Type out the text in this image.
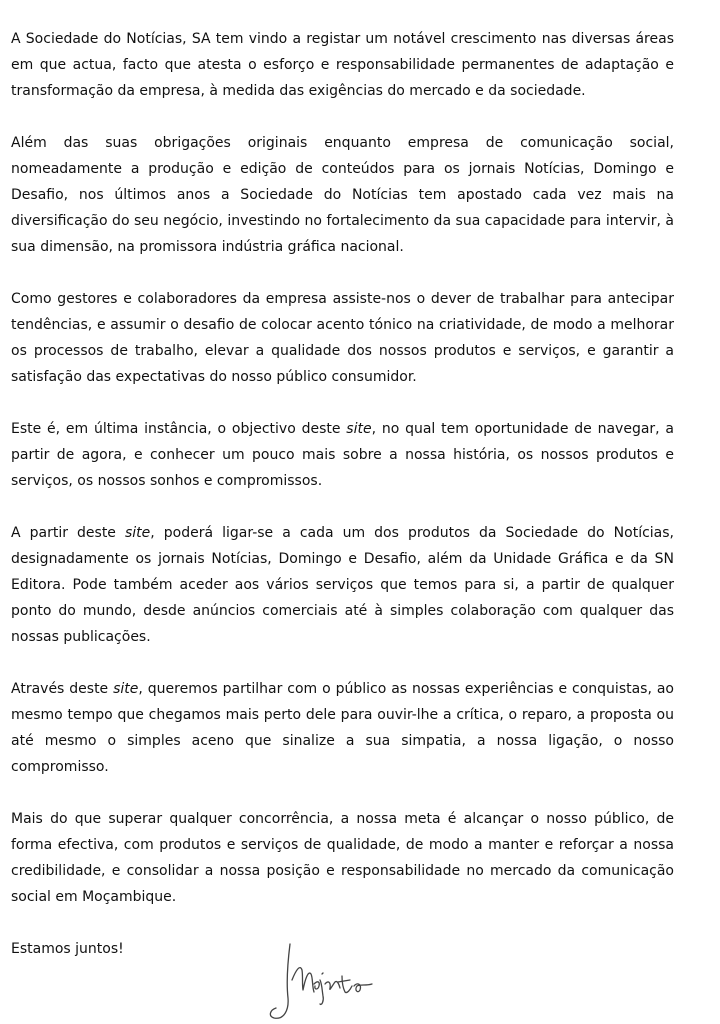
A Sociedade do Notícias, SA tem vindo a registar um notável crescimento nas diversas áreas em que actua, facto que atesta o esforço e responsabilidade permanentes de adaptação e transformação da empresa, à medida das exigências do mercado e da sociedade.

Além das suas obrigações originais enquanto empresa de comunicação social, nomeadamente a produção e edição de conteúdos para os jornais Notícias, Domingo e Desafio, nos últimos anos a Sociedade do Notícias tem apostado cada vez mais na diversificação do seu negócio, investindo no fortalecimento da sua capacidade para intervir, à sua dimensão, na promissora indústria gráfica nacional.

Como gestores e colaboradores da empresa assiste-nos o dever de trabalhar para antecipar tendências, e assumir o desafio de colocar acento tónico na criatividade, de modo a melhorar os processos de trabalho, elevar a qualidade dos nossos produtos e serviços, e garantir a satisfação das expectativas do nosso público consumidor.

Este é, em última instância, o objectivo deste site, no qual tem oportunidade de navegar, a partir de agora, e conhecer um pouco mais sobre a nossa história, os nossos produtos e serviços, os nossos sonhos e compromissos.

A partir deste site, poderá ligar-se a cada um dos produtos da Sociedade do Notícias, designadamente os jornais Notícias, Domingo e Desafio, além da Unidade Gráfica e da SN Editora. Pode também aceder aos vários serviços que temos para si, a partir de qualquer ponto do mundo, desde anúncios comerciais até à simples colaboração com qualquer das nossas publicações.

Através deste site, queremos partilhar com o público as nossas experiências e conquistas, ao mesmo tempo que chegamos mais perto dele para ouvir-lhe a crítica, o reparo, a proposta ou até mesmo o simples aceno que sinalize a sua simpatia, a nossa ligação, o nosso compromisso.

Mais do que superar qualquer concorrência, a nossa meta é alcançar o nosso público, de forma efectiva, com produtos e serviços de qualidade, de modo a manter e reforçar a nossa credibilidade, e consolidar a nossa posição e responsabilidade no mercado da comunicação social em Moçambique.

Estamos juntos!
